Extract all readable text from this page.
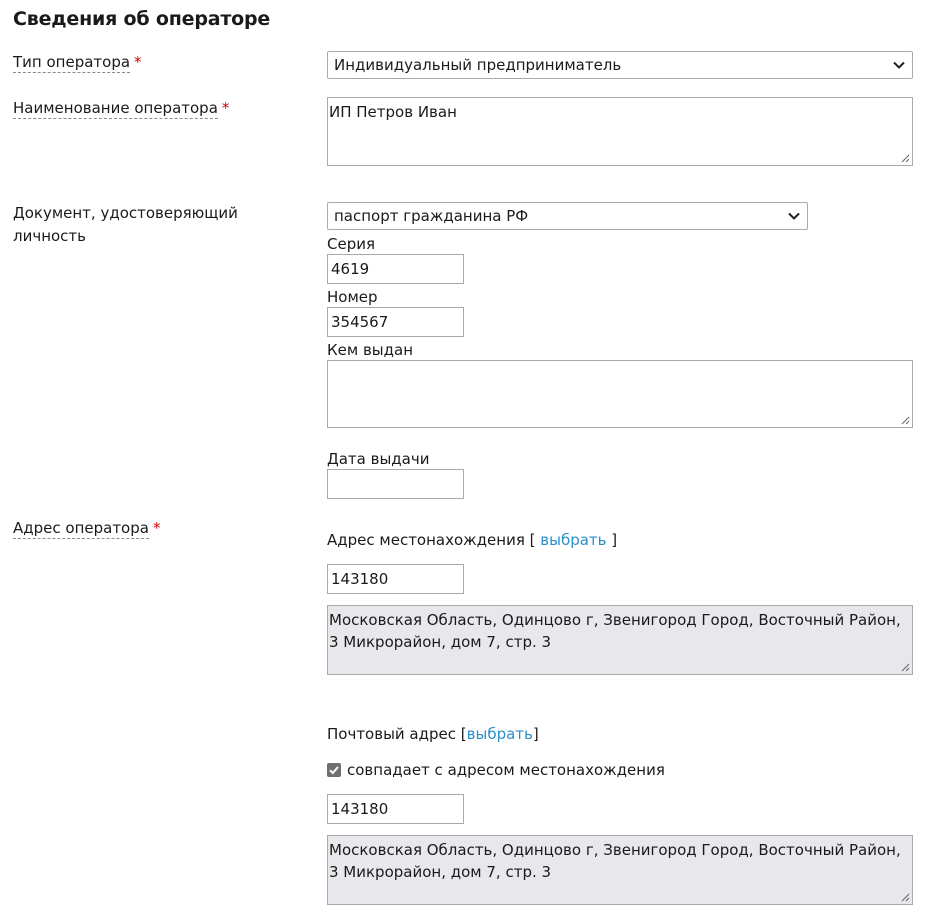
Сведения об операторе
Тип оператора *	Индивидуальный предприниматель
Наименование оператора *	ИП Петров Иван
Документ, удостоверяющий личность
паспорт гражданина РФ
Серия
4619
Номер
354567
Кем выдан
Дата выдачи
Адрес оператора *
Адрес местонахождения [ выбрать ]
143180
Московская Область, Одинцово г, Звенигород Город, Восточный Район, 3 Микрорайон, дом 7, стр. 3
Почтовый адрес [выбрать]
совпадает с адресом местонахождения
143180
Московская Область, Одинцово г, Звенигород Город, Восточный Район, 3 Микрорайон, дом 7, стр. 3
